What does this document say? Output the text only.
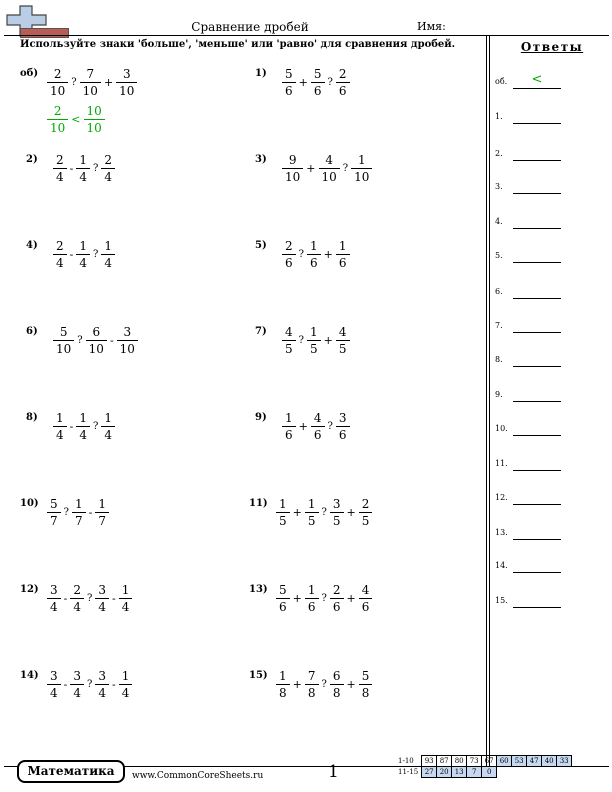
Сравнение дробей	Имя:
Используйте знаки 'больше', 'меньше' или 'равно' для сравнения дробей.	Ответы
об.	<
1.
2.
3.
4.
5.
6.
7.
8.
9.
10.
11.
12.
13.
14.
15.
$об) \frac{2}{10}$ ? $\frac{7}{10} + \frac{3}{10}$
$\frac{2}{10} < \frac{10}{10}$
1)	$\frac{5}{6} + \frac{5}{6}$ ? $\frac{2}{6}$
2)	$\frac{2}{4} - \frac{1}{4}$ ? $\frac{2}{4}$	3)	$\frac{9}{10} + \frac{4}{10}$ ? $\frac{1}{10}$
4)	$\frac{2}{4} - \frac{1}{4}$ ? $\frac{1}{4}$	5)	$\frac{2}{6}$ ? $\frac{1}{6} + \frac{1}{6}$
6)	$\frac{5}{10}$ ? $\frac{6}{10} - \frac{3}{10}$	7)	$\frac{4}{5}$ ? $\frac{1}{5} + \frac{4}{5}$
8)	$\frac{1}{4} - \frac{1}{4}$ ? $\frac{1}{4}$	9)	$\frac{1}{6} + \frac{4}{6}$ ? $\frac{3}{6}$
$10) \frac{5}{7}$ ? $\frac{1}{7} - \frac{1}{7}$	$11) \frac{1}{5} + \frac{1}{5}$ ? $\frac{3}{5} + \frac{2}{5}$
$12) \frac{3}{4} - \frac{2}{4}$ ? $\frac{3}{4} - \frac{1}{4}$	$13) \frac{5}{6} + \frac{1}{6}$ ? $\frac{2}{6} + \frac{4}{6}$
$14) \frac{3}{4} - \frac{3}{4}$ ? $\frac{3}{4} - \frac{1}{4}$	$15) \frac{1}{8} + \frac{7}{8}$ ? $\frac{6}{8} + \frac{5}{8}$
Математика	www.CommonCoreSheets.ru	1
1-10	93	87	80	73	67	60	53	47	40	33
11-15	27	20	13	7	0					
